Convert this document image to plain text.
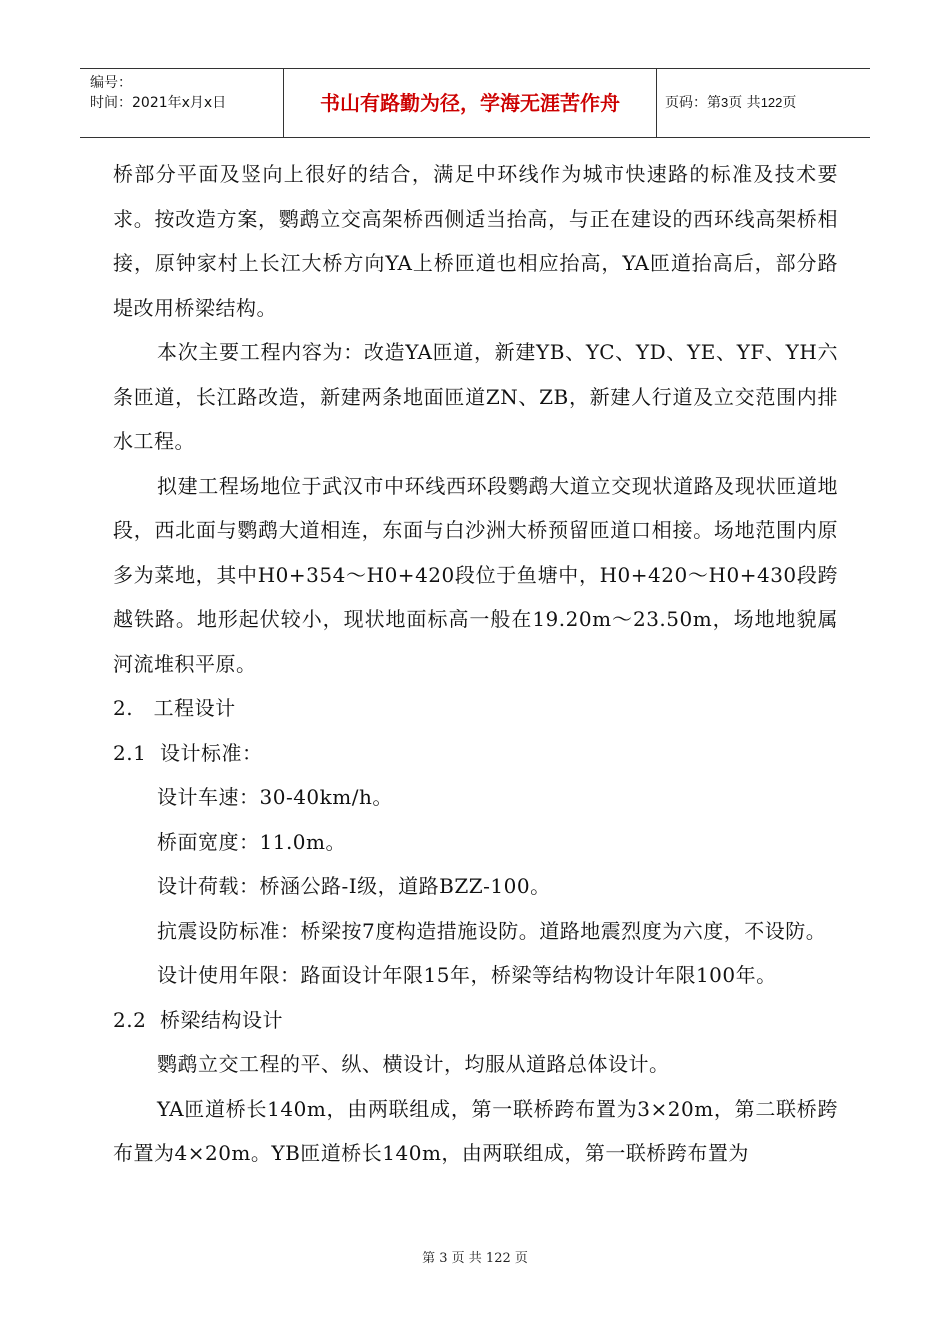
编号：
时间：2021年x月x日	书山有路勤为径，学海无涯苦作舟	页码：第3页 共122页

桥部分平面及竖向上很好的结合，满足中环线作为城市快速路的标准及技术要求。按改造方案，鹦鹉立交高架桥西侧适当抬高，与正在建设的西环线高架桥相接，原钟家村上长江大桥方向YA上桥匝道也相应抬高，YA匝道抬高后，部分路堤改用桥梁结构。

本次主要工程内容为：改造YA匝道，新建YB、YC、YD、YE、YF、YH六条匝道，长江路改造，新建两条地面匝道ZN、ZB，新建人行道及立交范围内排水工程。

拟建工程场地位于武汉市中环线西环段鹦鹉大道立交现状道路及现状匝道地段，西北面与鹦鹉大道相连，东面与白沙洲大桥预留匝道口相接。场地范围内原多为菜地，其中H0+354～H0+420段位于鱼塘中，H0+420～H0+430段跨越铁路。地形起伏较小，现状地面标高一般在19.20m～23.50m，场地地貌属河流堆积平原。

2.   工程设计

2.1  设计标准：

设计车速：30-40km/h。

桥面宽度：11.0m。

设计荷载：桥涵公路-Ⅰ级，道路BZZ-100。

抗震设防标准：桥梁按7度构造措施设防。道路地震烈度为六度，不设防。

设计使用年限：路面设计年限15年，桥梁等结构物设计年限100年。

2.2  桥梁结构设计

鹦鹉立交工程的平、纵、横设计，均服从道路总体设计。

YA匝道桥长140m，由两联组成，第一联桥跨布置为3×20m，第二联桥跨布置为4×20m。YB匝道桥长140m，由两联组成，第一联桥跨布置为

第 3 页 共 122 页
